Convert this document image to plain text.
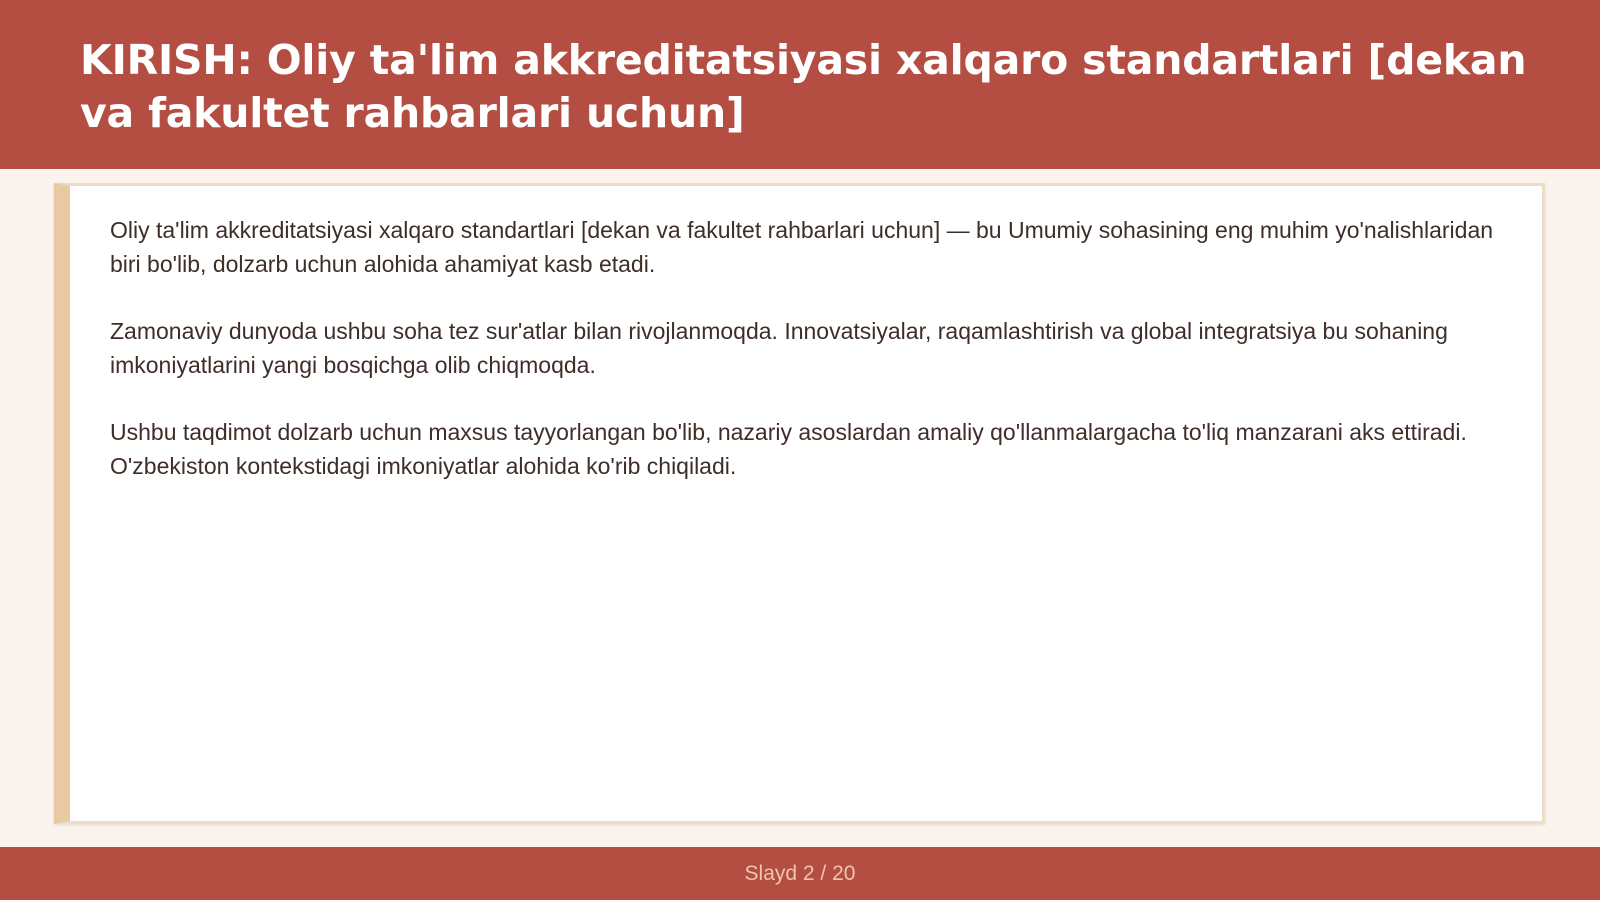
KIRISH: Oliy ta'lim akkreditatsiyasi xalqaro standartlari [dekan va fakultet rahbarlari uchun]

Oliy ta'lim akkreditatsiyasi xalqaro standartlari [dekan va fakultet rahbarlari uchun] — bu Umumiy sohasining eng muhim yo'nalishlaridan biri bo'lib, dolzarb uchun alohida ahamiyat kasb etadi.

Zamonaviy dunyoda ushbu soha tez sur'atlar bilan rivojlanmoqda. Innovatsiyalar, raqamlashtirish va global integratsiya bu sohaning imkoniyatlarini yangi bosqichga olib chiqmoqda.

Ushbu taqdimot dolzarb uchun maxsus tayyorlangan bo'lib, nazariy asoslardan amaliy qo'llanmalargacha to'liq manzarani aks ettiradi. O'zbekiston kontekstidagi imkoniyatlar alohida ko'rib chiqiladi.

Slayd 2 / 20
